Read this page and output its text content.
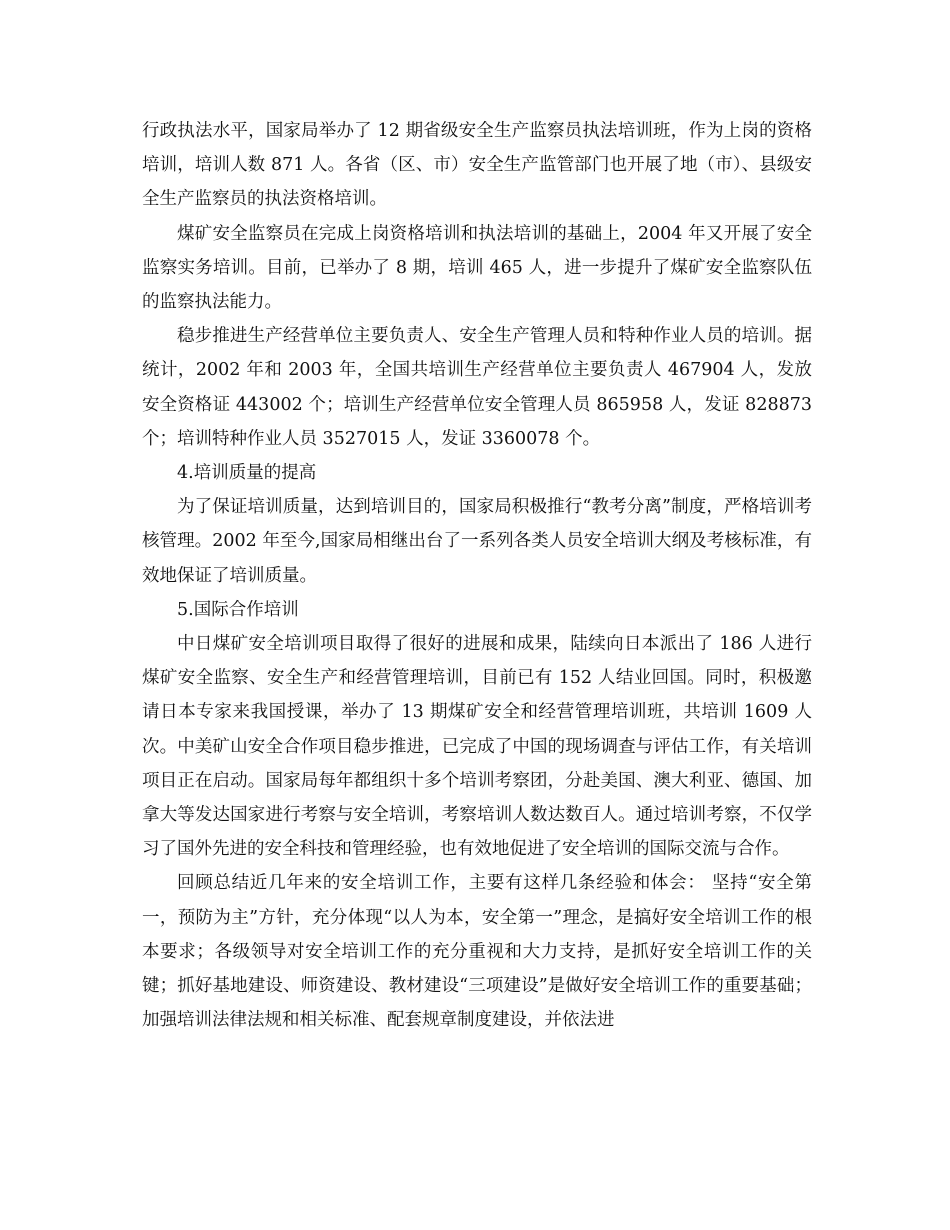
行政执法水平，国家局举办了 12 期省级安全生产监察员执法培训班，作为上岗的资格培训，培训人数 871 人。各省（区、市）安全生产监管部门也开展了地（市）、县级安全生产监察员的执法资格培训。

煤矿安全监察员在完成上岗资格培训和执法培训的基础上，2004 年又开展了安全监察实务培训。目前，已举办了 8 期，培训 465 人，进一步提升了煤矿安全监察队伍的监察执法能力。

稳步推进生产经营单位主要负责人、安全生产管理人员和特种作业人员的培训。据统计，2002 年和 2003 年，全国共培训生产经营单位主要负责人 467904 人，发放安全资格证 443002 个；培训生产经营单位安全管理人员 865958 人，发证 828873 个；培训特种作业人员 3527015 人，发证 3360078 个。

4.培训质量的提高

为了保证培训质量，达到培训目的，国家局积极推行“教考分离”制度，严格培训考核管理。2002 年至今,国家局相继出台了一系列各类人员安全培训大纲及考核标准，有效地保证了培训质量。

5.国际合作培训

中日煤矿安全培训项目取得了很好的进展和成果，陆续向日本派出了 186 人进行煤矿安全监察、安全生产和经营管理培训，目前已有 152 人结业回国。同时，积极邀请日本专家来我国授课，举办了 13 期煤矿安全和经营管理培训班，共培训 1609 人次。中美矿山安全合作项目稳步推进，已完成了中国的现场调查与评估工作，有关培训项目正在启动。国家局每年都组织十多个培训考察团，分赴美国、澳大利亚、德国、加拿大等发达国家进行考察与安全培训，考察培训人数达数百人。通过培训考察，不仅学习了国外先进的安全科技和管理经验，也有效地促进了安全培训的国际交流与合作。

回顾总结近几年来的安全培训工作，主要有这样几条经验和体会： 坚持“安全第一，预防为主”方针，充分体现“以人为本，安全第一”理念，是搞好安全培训工作的根本要求；各级领导对安全培训工作的充分重视和大力支持，是抓好安全培训工作的关键；抓好基地建设、师资建设、教材建设“三项建设”是做好安全培训工作的重要基础；加强培训法律法规和相关标准、配套规章制度建设，并依法进
